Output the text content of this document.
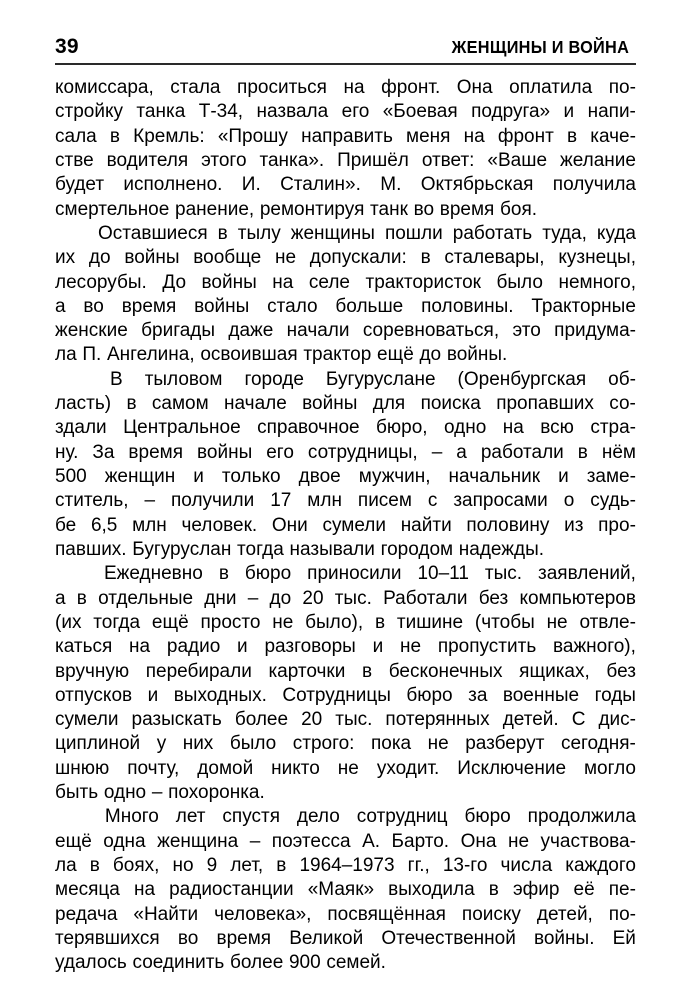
39	ЖЕНЩИНЫ И ВОЙНА
комиссара, стала проситься на фронт. Она оплатила по-
стройку танка Т-34, назвала его «Боевая подруга» и напи-
сала в Кремль: «Прошу направить меня на фронт в каче-
стве водителя этого танка». Пришёл ответ: «Ваше желание
будет исполнено. И. Сталин». М. Октябрьская получила
смертельное ранение, ремонтируя танк во время боя.
Оставшиеся в тылу женщины пошли работать туда, куда
их до войны вообще не допускали: в сталевары, кузнецы,
лесорубы. До войны на селе трактористок было немного,
а во время войны стало больше половины. Тракторные
женские бригады даже начали соревноваться, это придума-
ла П. Ангелина, освоившая трактор ещё до войны.
В тыловом городе Бугуруслане (Оренбургская об-
ласть) в самом начале войны для поиска пропавших со-
здали Центральное справочное бюро, одно на всю стра-
ну. За время войны его сотрудницы, – а работали в нём
500 женщин и только двое мужчин, начальник и заме-
ститель, – получили 17 млн писем с запросами о судь-
бе 6,5 млн человек. Они сумели найти половину из про-
павших. Бугуруслан тогда называли городом надежды.
Ежедневно в бюро приносили 10–11 тыс. заявлений,
а в отдельные дни – до 20 тыс. Работали без компьютеров
(их тогда ещё просто не было), в тишине (чтобы не отвле-
каться на радио и разговоры и не пропустить важного),
вручную перебирали карточки в бесконечных ящиках, без
отпусков и выходных. Сотрудницы бюро за военные годы
сумели разыскать более 20 тыс. потерянных детей. С дис-
циплиной у них было строго: пока не разберут сегодня-
шнюю почту, домой никто не уходит. Исключение могло
быть одно – похоронка.
Много лет спустя дело сотрудниц бюро продолжила
ещё одна женщина – поэтесса А. Барто. Она не участвова-
ла в боях, но 9 лет, в 1964–1973 гг., 13-го числа каждого
месяца на радиостанции «Маяк» выходила в эфир её пе-
редача «Найти человека», посвящённая поиску детей, по-
терявшихся во время Великой Отечественной войны. Ей
удалось соединить более 900 семей.
